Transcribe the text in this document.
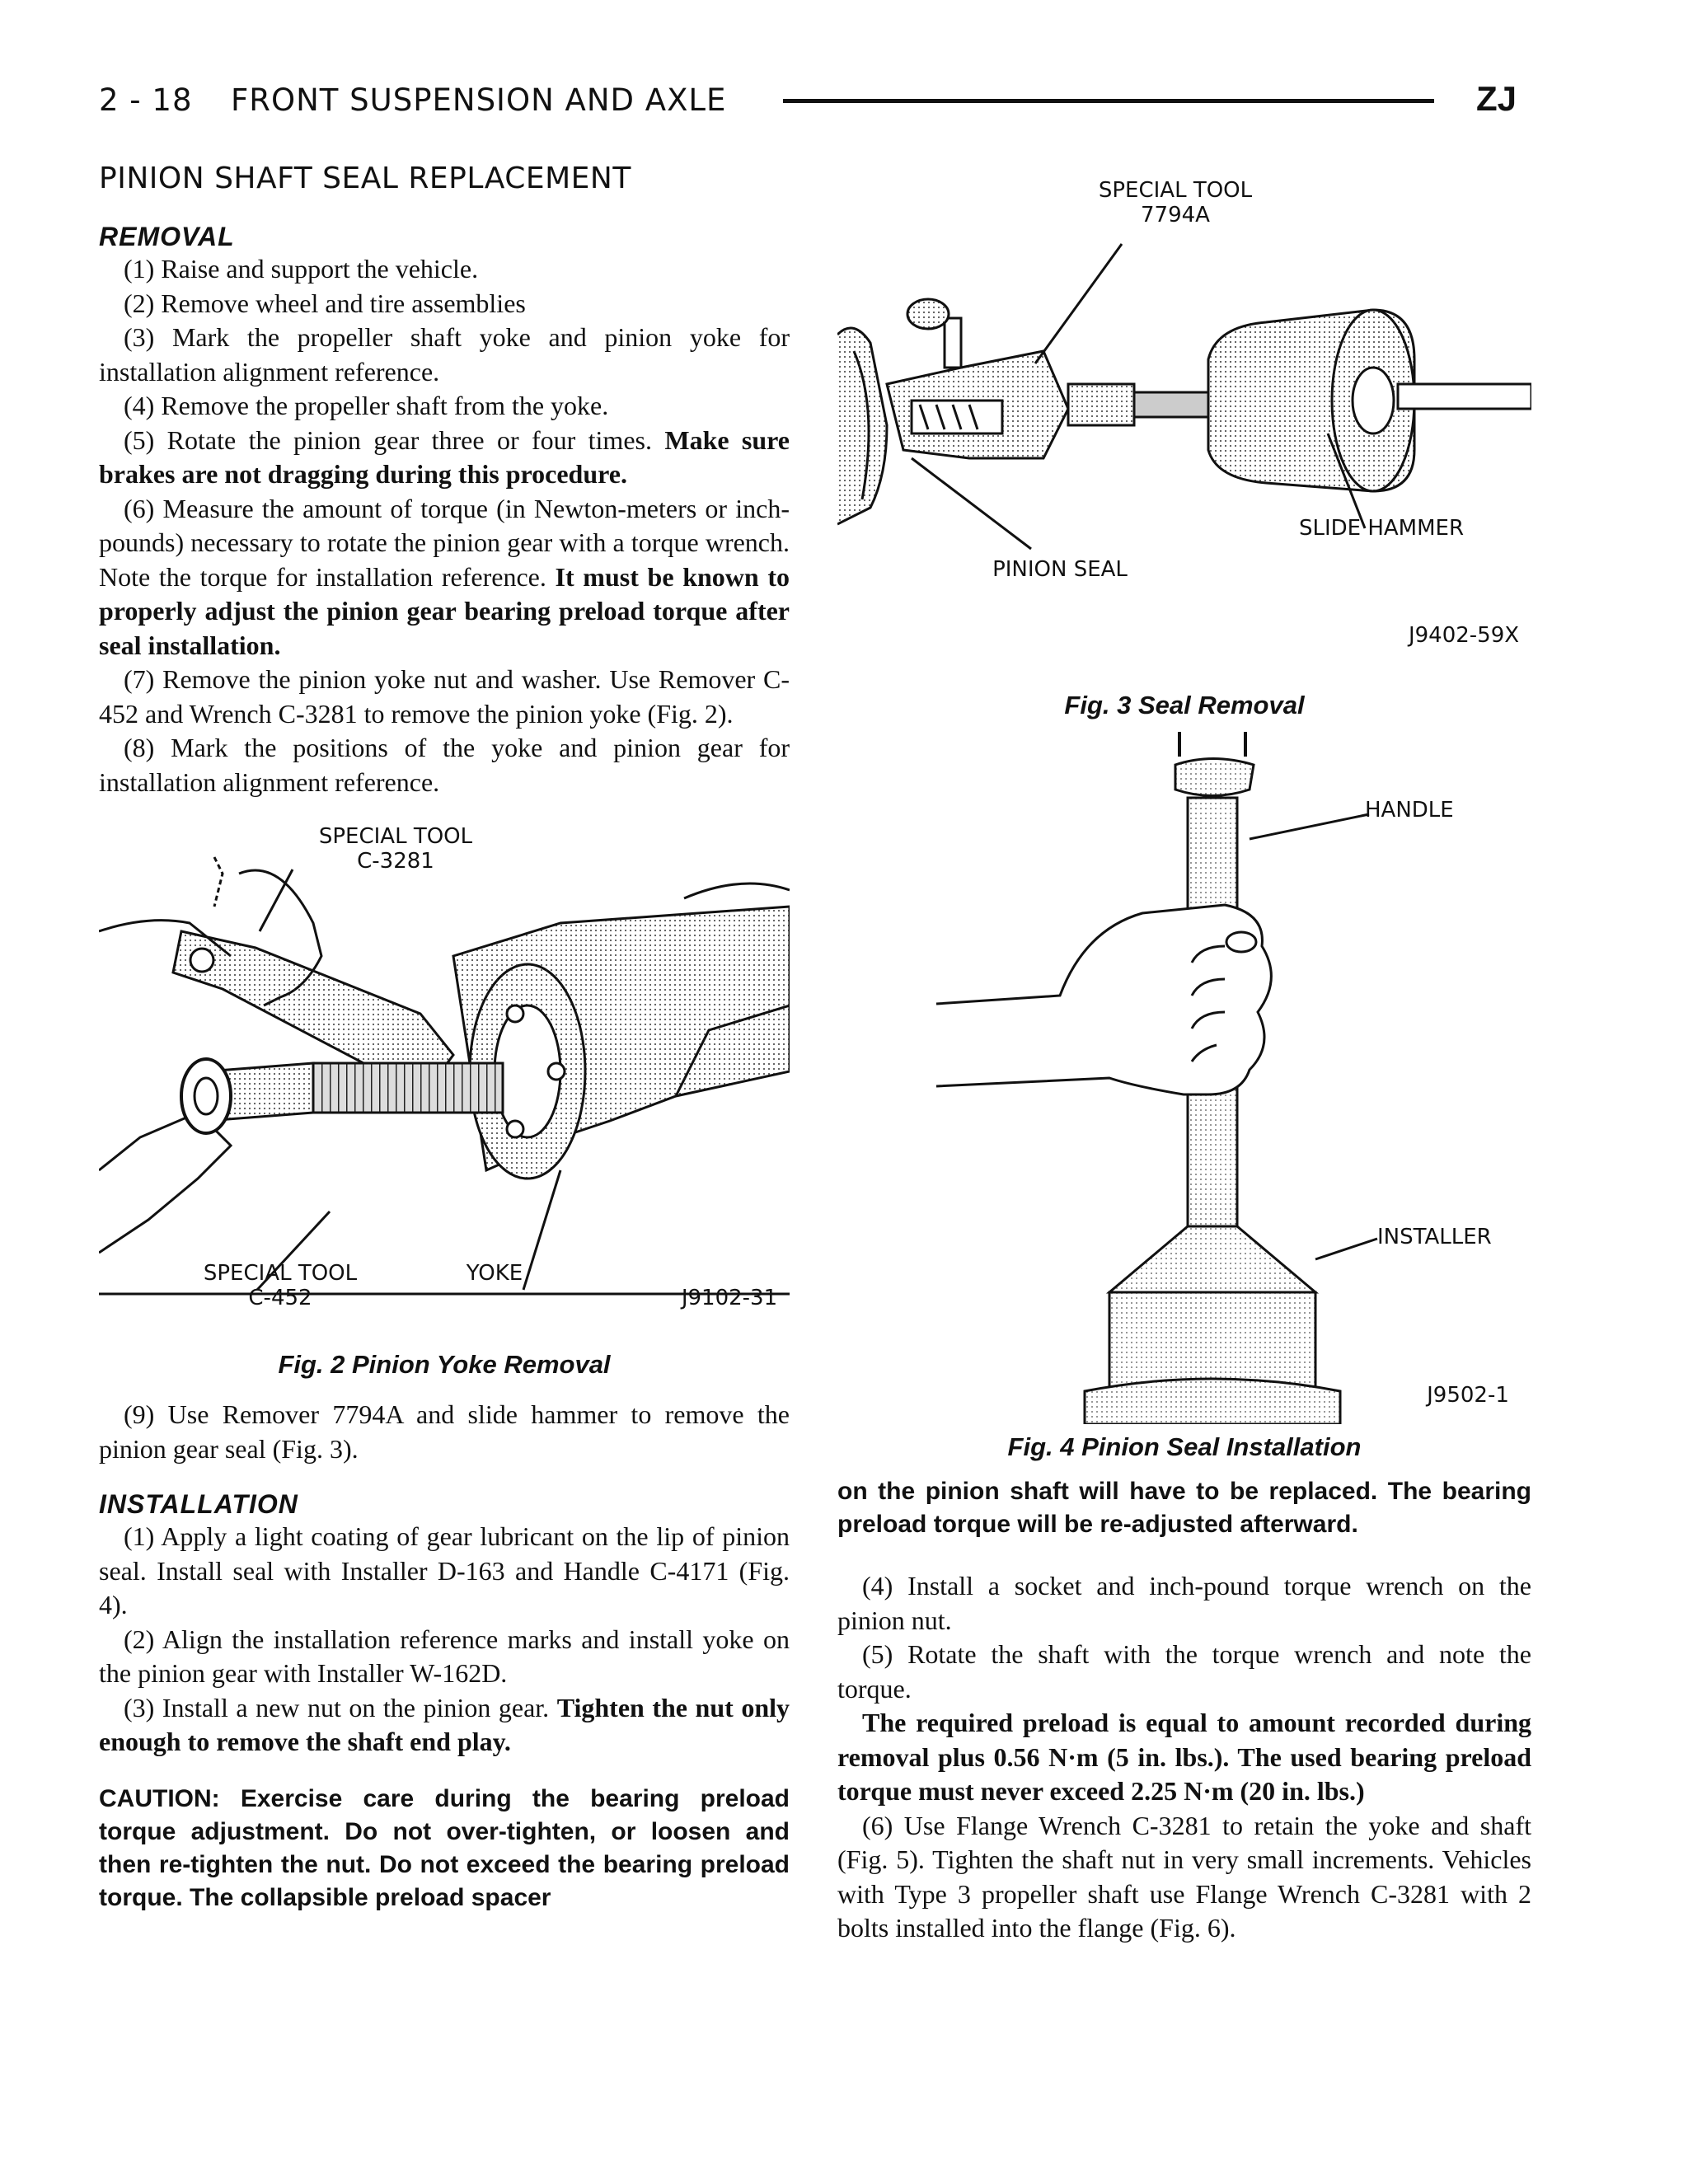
2 - 18 FRONT SUSPENSION AND AXLE	ZJ
PINION SHAFT SEAL REPLACEMENT
REMOVAL

(1) Raise and support the vehicle.

(2) Remove wheel and tire assemblies

(3) Mark the propeller shaft yoke and pinion yoke for installation alignment reference.

(4) Remove the propeller shaft from the yoke.

(5) Rotate the pinion gear three or four times. Make sure brakes are not dragging during this procedure.

(6) Measure the amount of torque (in Newton-meters or inch-pounds) necessary to rotate the pinion gear with a torque wrench. Note the torque for installation reference. It must be known to properly adjust the pinion gear bearing preload torque after seal installation.

(7) Remove the pinion yoke nut and washer. Use Remover C-452 and Wrench C-3281 to remove the pinion yoke (Fig. 2).

(8) Mark the positions of the yoke and pinion gear for installation alignment reference.

SPECIAL TOOL
C-3281
SPECIAL TOOL
C-452
YOKE
J9102-31
Fig. 2 Pinion Yoke Removal

(9) Use Remover 7794A and slide hammer to remove the pinion gear seal (Fig. 3).

INSTALLATION

(1) Apply a light coating of gear lubricant on the lip of pinion seal. Install seal with Installer D-163 and Handle C-4171 (Fig. 4).

(2) Align the installation reference marks and install yoke on the pinion gear with Installer W-162D.

(3) Install a new nut on the pinion gear. Tighten the nut only enough to remove the shaft end play.

CAUTION: Exercise care during the bearing preload torque adjustment. Do not over-tighten, or loosen and then re-tighten the nut. Do not exceed the bearing preload torque. The collapsible preload spacer

SPECIAL TOOL
7794A
SLIDE HAMMER
PINION SEAL
J9402-59X
Fig. 3 Seal Removal
HANDLE
INSTALLER
J9502-1
Fig. 4 Pinion Seal Installation

on the pinion shaft will have to be replaced. The bearing preload torque will be re-adjusted afterward.

(4) Install a socket and inch-pound torque wrench on the pinion nut.

(5) Rotate the shaft with the torque wrench and note the torque.

The required preload is equal to amount recorded during removal plus 0.56 N·m (5 in. lbs.). The used bearing preload torque must never exceed 2.25 N·m (20 in. lbs.)

(6) Use Flange Wrench C-3281 to retain the yoke and shaft (Fig. 5). Tighten the shaft nut in very small increments. Vehicles with Type 3 propeller shaft use Flange Wrench C-3281 with 2 bolts installed into the flange (Fig. 6).
